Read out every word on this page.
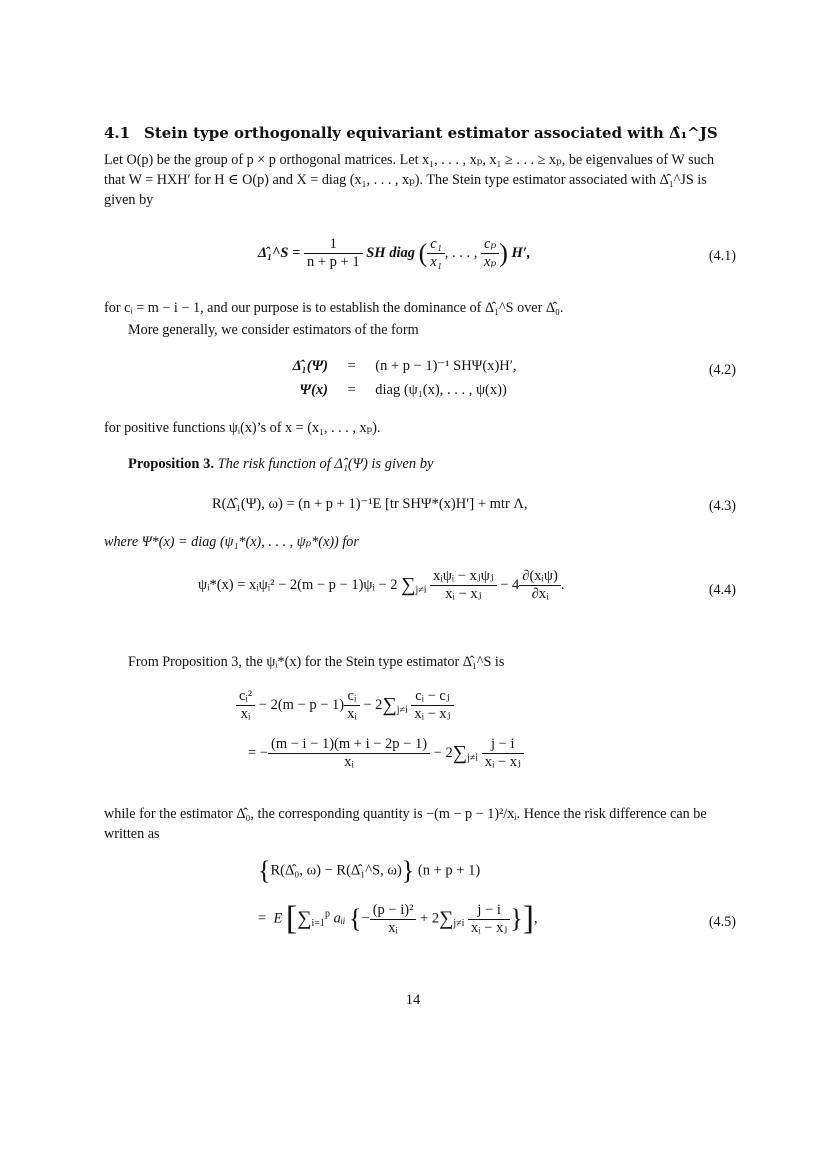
4.1 Stein type orthogonally equivariant estimator associated with Δ̂₁^JS
Let O(p) be the group of p × p orthogonal matrices. Let x₁, . . . , xₚ, x₁ ≥ . . . ≥ xₚ, be eigenvalues of W such that W = HXH′ for H ∈ O(p) and X = diag (x₁, . . . , xₚ). The Stein type estimator associated with Δ̂₁^JS is given by
Δ̂₁^S = $\frac{1}{n + p + 1}$ SH diag ( $\frac{\text{c₁}}{\text{x₁}}$ , . . . , $\frac{\text{cₚ}}{\text{xₚ}}$ ) H′,	(4.1)
for cᵢ = m − i − 1, and our purpose is to establish the dominance of Δ̂₁^S over Δ̂₀.
More generally, we consider estimators of the form
Δ̂₁(Ψ) = (n + p − 1)⁻¹ SHΨ(x)H′,
Ψ(x) = diag (ψ₁(x), . . . , ψ(x))
(4.2)
for positive functions ψᵢ(x)’s of x = (x₁, . . . , xₚ).
Proposition 3. The risk function of Δ̂₁(Ψ) is given by
R(Δ̂₁(Ψ), ω) = (n + p + 1)⁻¹E [tr SHΨ*(x)H′] + mtr Λ,	(4.3)
where Ψ*(x) = diag (ψ₁*(x), . . . , ψₚ*(x)) for
ψᵢ*(x) = xᵢψᵢ² − 2(m − p − 1)ψᵢ − 2 $\sum_{j\ne i} \frac{\text{xᵢψᵢ − xⱼψⱼ}}{\text{xᵢ − xⱼ}} - 4 \frac{\text{∂(xᵢψ)}}{\text{∂xᵢ}}$ .	(4.4)
From Proposition 3, the ψᵢ*(x) for the Stein type estimator Δ̂₁^S is
$\frac{\text{cᵢ²}}{\text{xᵢ}} - 2(m - p - 1) \frac{\text{cᵢ}}{\text{xᵢ}} - 2\sum_{j\ne i} \frac{\text{cᵢ − cⱼ}}{\text{xᵢ − xⱼ}}$
= − $\frac{(m - i - 1)(m + i - 2p - 1)}{\text{xᵢ}} - 2\sum_{j\ne i} \frac{j - i}{\text{xᵢ − xⱼ}}$
while for the estimator Δ̂₀, the corresponding quantity is −(m − p − 1)²/xᵢ. Hence the risk difference can be written as
{R(Δ̂₀, ω) − R(Δ̂₁^S, ω)} (n + p + 1)
=  E [$\sum_{i=1}^p$ aᵢᵢ {− $\frac{\text{(p − i)²}}{\text{xᵢ}} + 2\sum_{j\ne i} \frac{j - i}{\text{xᵢ − xⱼ}}$ }],	(4.5)
14
